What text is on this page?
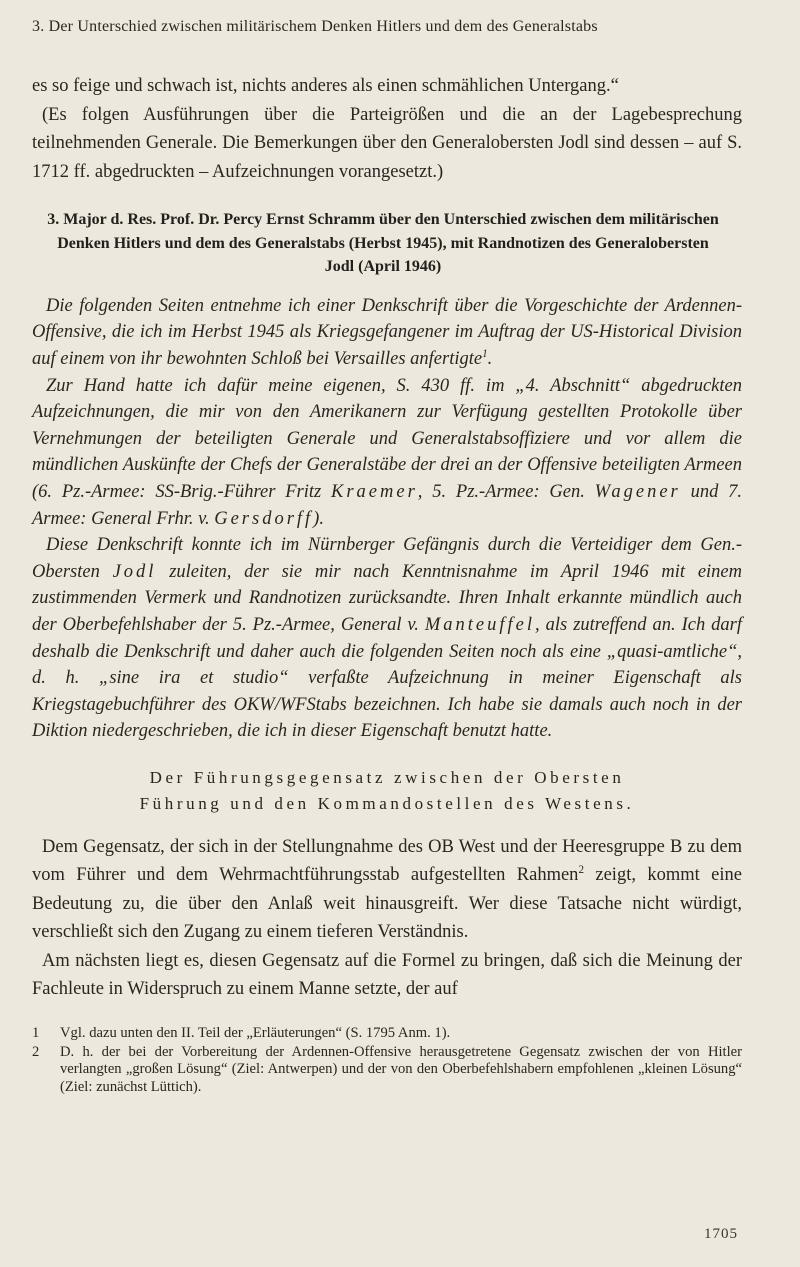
3. Der Unterschied zwischen militärischem Denken Hitlers und dem des Generalstabs

es so feige und schwach ist, nichts anderes als einen schmählichen Untergang.“

(Es folgen Ausführungen über die Parteigrößen und die an der Lagebesprechung teilnehmenden Generale. Die Bemerkungen über den Generalobersten Jodl sind dessen – auf S. 1712 ff. abgedruckten – Aufzeichnungen vorangesetzt.)

3. Major d. Res. Prof. Dr. Percy Ernst Schramm über den Unterschied zwischen dem militärischen Denken Hitlers und dem des Generalstabs (Herbst 1945), mit Randnotizen des Generalobersten Jodl (April 1946)

Die folgenden Seiten entnehme ich einer Denkschrift über die Vorgeschichte der Ardennen-Offensive, die ich im Herbst 1945 als Kriegsgefangener im Auftrag der US-Historical Division auf einem von ihr bewohnten Schloß bei Versailles anfertigte$^1$.

Zur Hand hatte ich dafür meine eigenen, S. 430 ff. im „4. Abschnitt“ abgedruckten Aufzeichnungen, die mir von den Amerikanern zur Verfügung gestellten Protokolle über Vernehmungen der beteiligten Generale und Generalstabsoffiziere und vor allem die mündlichen Auskünfte der Chefs der Generalstäbe der drei an der Offensive beteiligten Armeen (6. Pz.-Armee: SS-Brig.-Führer Fritz Kraemer, 5. Pz.-Armee: Gen. Wagener und 7. Armee: General Frhr. v. Gersdorff).

Diese Denkschrift konnte ich im Nürnberger Gefängnis durch die Verteidiger dem Gen.-Obersten Jodl zuleiten, der sie mir nach Kenntnisnahme im April 1946 mit einem zustimmenden Vermerk und Randnotizen zurücksandte. Ihren Inhalt erkannte mündlich auch der Oberbefehlshaber der 5. Pz.-Armee, General v. Manteuffel, als zutreffend an. Ich darf deshalb die Denkschrift und daher auch die folgenden Seiten noch als eine „quasi-amtliche“, d. h. „sine ira et studio“ verfaßte Aufzeichnung in meiner Eigenschaft als Kriegstagebuchführer des OKW/WFStabs bezeichnen. Ich habe sie damals auch noch in der Diktion niedergeschrieben, die ich in dieser Eigenschaft benutzt hatte.

Der Führungsgegensatz zwischen der Obersten
Führung und den Kommandostellen des Westens.

Dem Gegensatz, der sich in der Stellungnahme des OB West und der Heeresgruppe B zu dem vom Führer und dem Wehrmachtführungsstab aufgestellten Rahmen$^2$ zeigt, kommt eine Bedeutung zu, die über den Anlaß weit hinausgreift. Wer diese Tatsache nicht würdigt, verschließt sich den Zugang zu einem tieferen Verständnis.

Am nächsten liegt es, diesen Gegensatz auf die Formel zu bringen, daß sich die Meinung der Fachleute in Widerspruch zu einem Manne setzte, der auf

1	Vgl. dazu unten den II. Teil der „Erläuterungen“ (S. 1795 Anm. 1).
2	D. h. der bei der Vorbereitung der Ardennen-Offensive herausgetretene Gegensatz zwischen der von Hitler verlangten „großen Lösung“ (Ziel: Antwerpen) und der von den Oberbefehlshabern empfohlenen „kleinen Lösung“ (Ziel: zunächst Lüttich).
1705
